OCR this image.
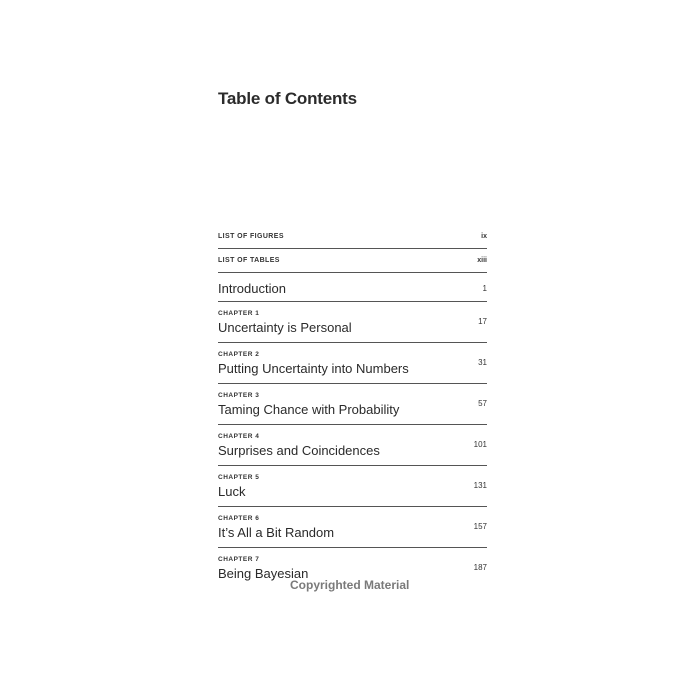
Table of Contents
LIST OF FIGURES	ix
LIST OF TABLES	xiii
Introduction	1
CHAPTER 1
Uncertainty is Personal	17
CHAPTER 2
Putting Uncertainty into Numbers	31
CHAPTER 3
Taming Chance with Probability	57
CHAPTER 4
Surprises and Coincidences	101
CHAPTER 5
Luck	131
CHAPTER 6
It’s All a Bit Random	157
CHAPTER 7
Being Bayesian	187
Copyrighted Material
